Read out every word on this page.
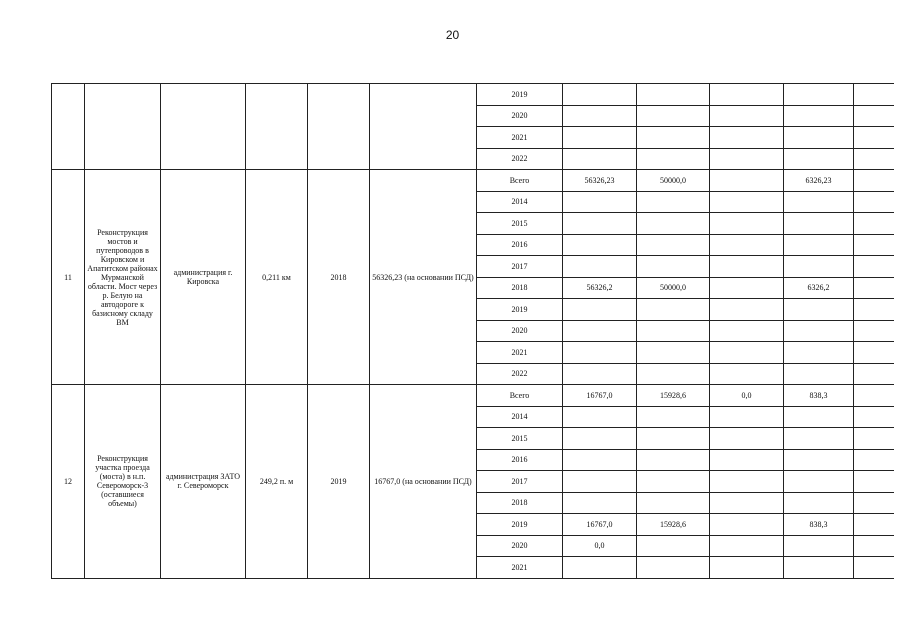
20
						2019					
						2020					
						2021					
						2022					
11	Реконструкция мостов и путепроводов в Кировском и Апатитском районах Мурманской области. Мост через р. Белую на автодороге к базисному складу ВМ	администрация г. Кировска	0,211 км	2018	56326,23 (на основании ПСД)	Всего	56326,23	50000,0		6326,23	
						2014					
						2015					
						2016					
						2017					
						2018	56326,2	50000,0		6326,2	
						2019					
						2020					
						2021					
						2022					
12	Реконструкция участка проезда (моста) в н.п. Североморск-3 (оставшиеся объемы)	администрация ЗАТО г. Североморск	249,2 п. м	2019	16767,0 (на основании ПСД)	Всего	16767,0	15928,6	0,0	838,3	
						2014					
						2015					
						2016					
						2017					
						2018					
						2019	16767,0	15928,6		838,3	
						2020	0,0				
						2021					
